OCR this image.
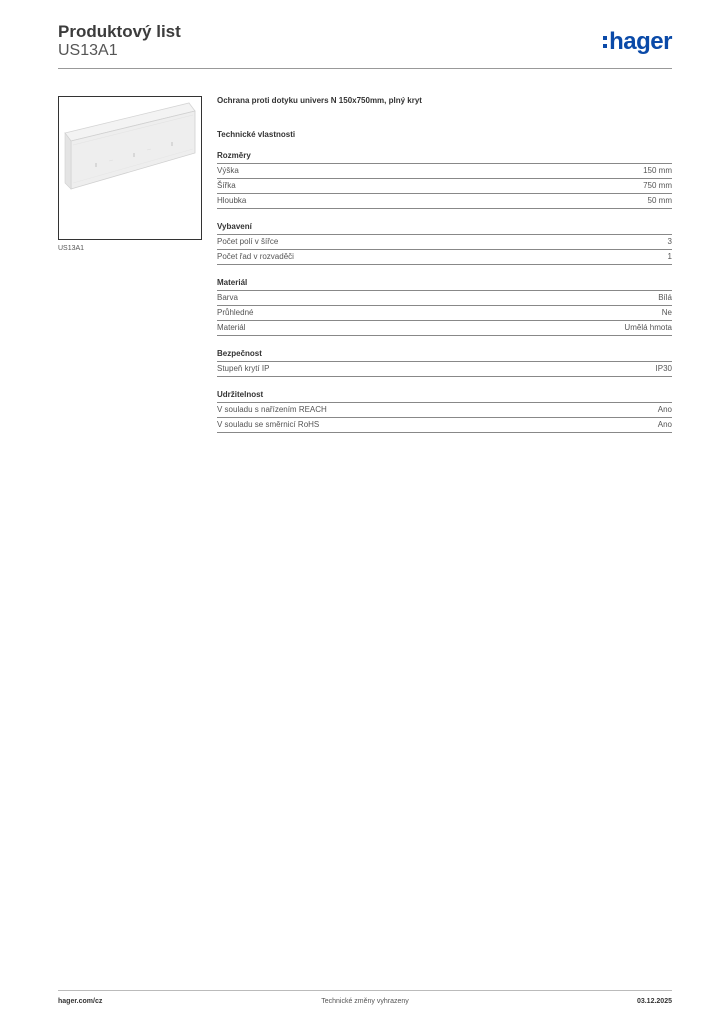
Produktový list
US13A1	hager
US13A1
Ochrana proti dotyku univers N 150x750mm, plný kryt
Technické vlastnosti
Rozměry
Výška	150 mm
Šířka	750 mm
Hloubka	50 mm
Vybavení
Počet polí v šířce	3
Počet řad v rozvaděči	1
Materiál
Barva	Bílá
Průhledné	Ne
Materiál	Umělá hmota
Bezpečnost
Stupeň krytí IP	IP30
Udržitelnost
V souladu s nařízením REACH	Ano
V souladu se směrnicí RoHS	Ano
hager.com/cz	Technické změny vyhrazeny	03.12.2025
